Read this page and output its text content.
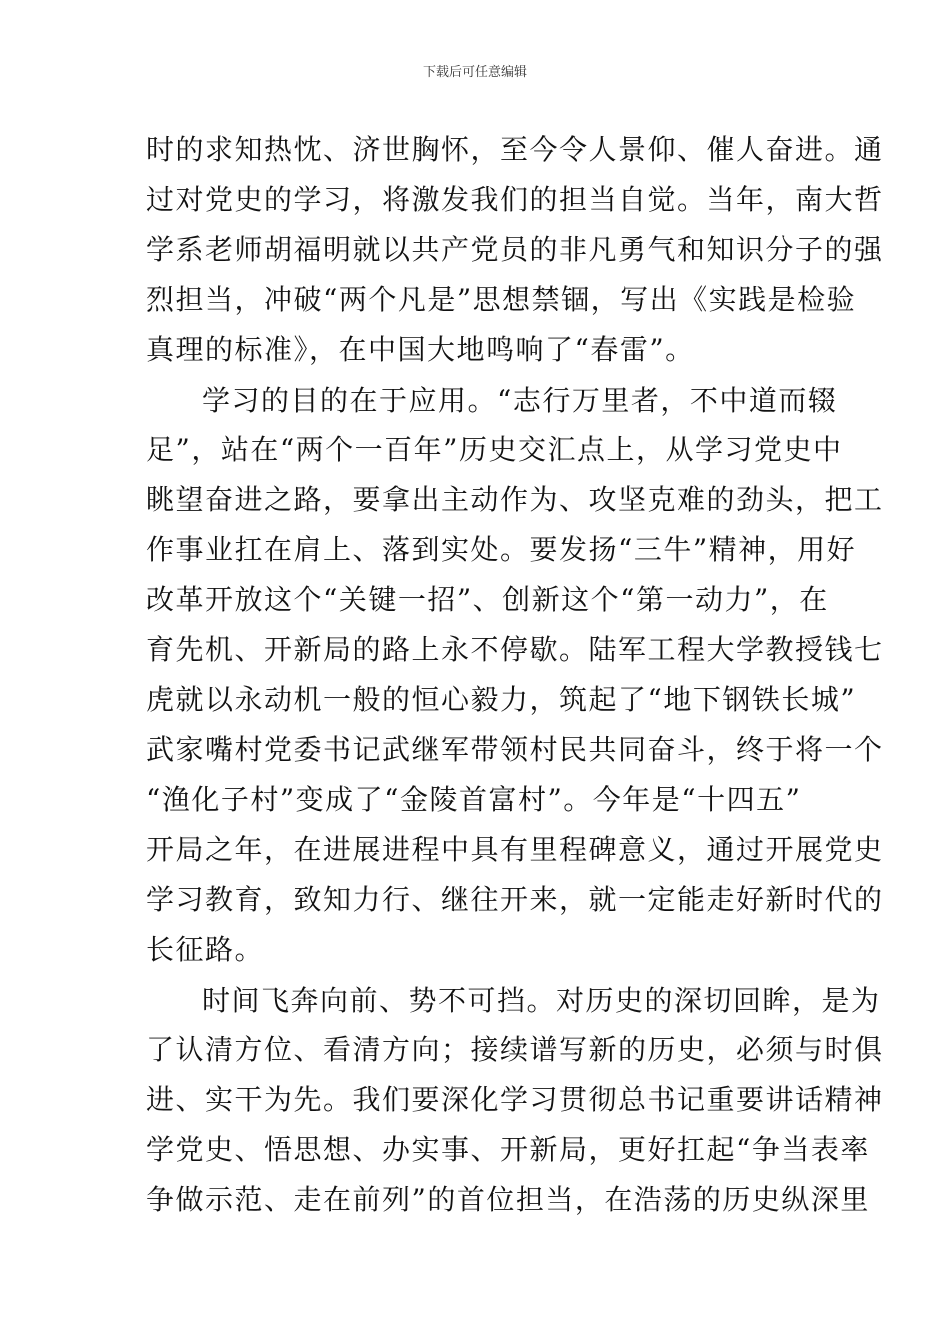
下载后可任意编辑
时的求知热忱、济世胸怀，至今令人景仰、催人奋进。通
过对党史的学习，将激发我们的担当自觉。当年，南大哲
学系老师胡福明就以共产党员的非凡勇气和知识分子的强
烈担当，冲破“两个凡是”思想禁锢，写出《实践是检验
真理的标准》，在中国大地鸣响了“春雷”。
学习的目的在于应用。“志行万里者，不中道而辍
足”，站在“两个一百年”历史交汇点上，从学习党史中
眺望奋进之路，要拿出主动作为、攻坚克难的劲头，把工
作事业扛在肩上、落到实处。要发扬“三牛”精神，用好
改革开放这个“关键一招”、创新这个“第一动力”，在
育先机、开新局的路上永不停歇。陆军工程大学教授钱七
虎就以永动机一般的恒心毅力，筑起了“地下钢铁长城”
武家嘴村党委书记武继军带领村民共同奋斗，终于将一个
“渔化子村”变成了“金陵首富村”。今年是“十四五”
开局之年，在进展进程中具有里程碑意义，通过开展党史
学习教育，致知力行、继往开来，就一定能走好新时代的
长征路。
时间飞奔向前、势不可挡。对历史的深切回眸，是为
了认清方位、看清方向；接续谱写新的历史，必须与时俱
进、实干为先。我们要深化学习贯彻总书记重要讲话精神
学党史、悟思想、办实事、开新局，更好扛起“争当表率
争做示范、走在前列”的首位担当，在浩荡的历史纵深里
